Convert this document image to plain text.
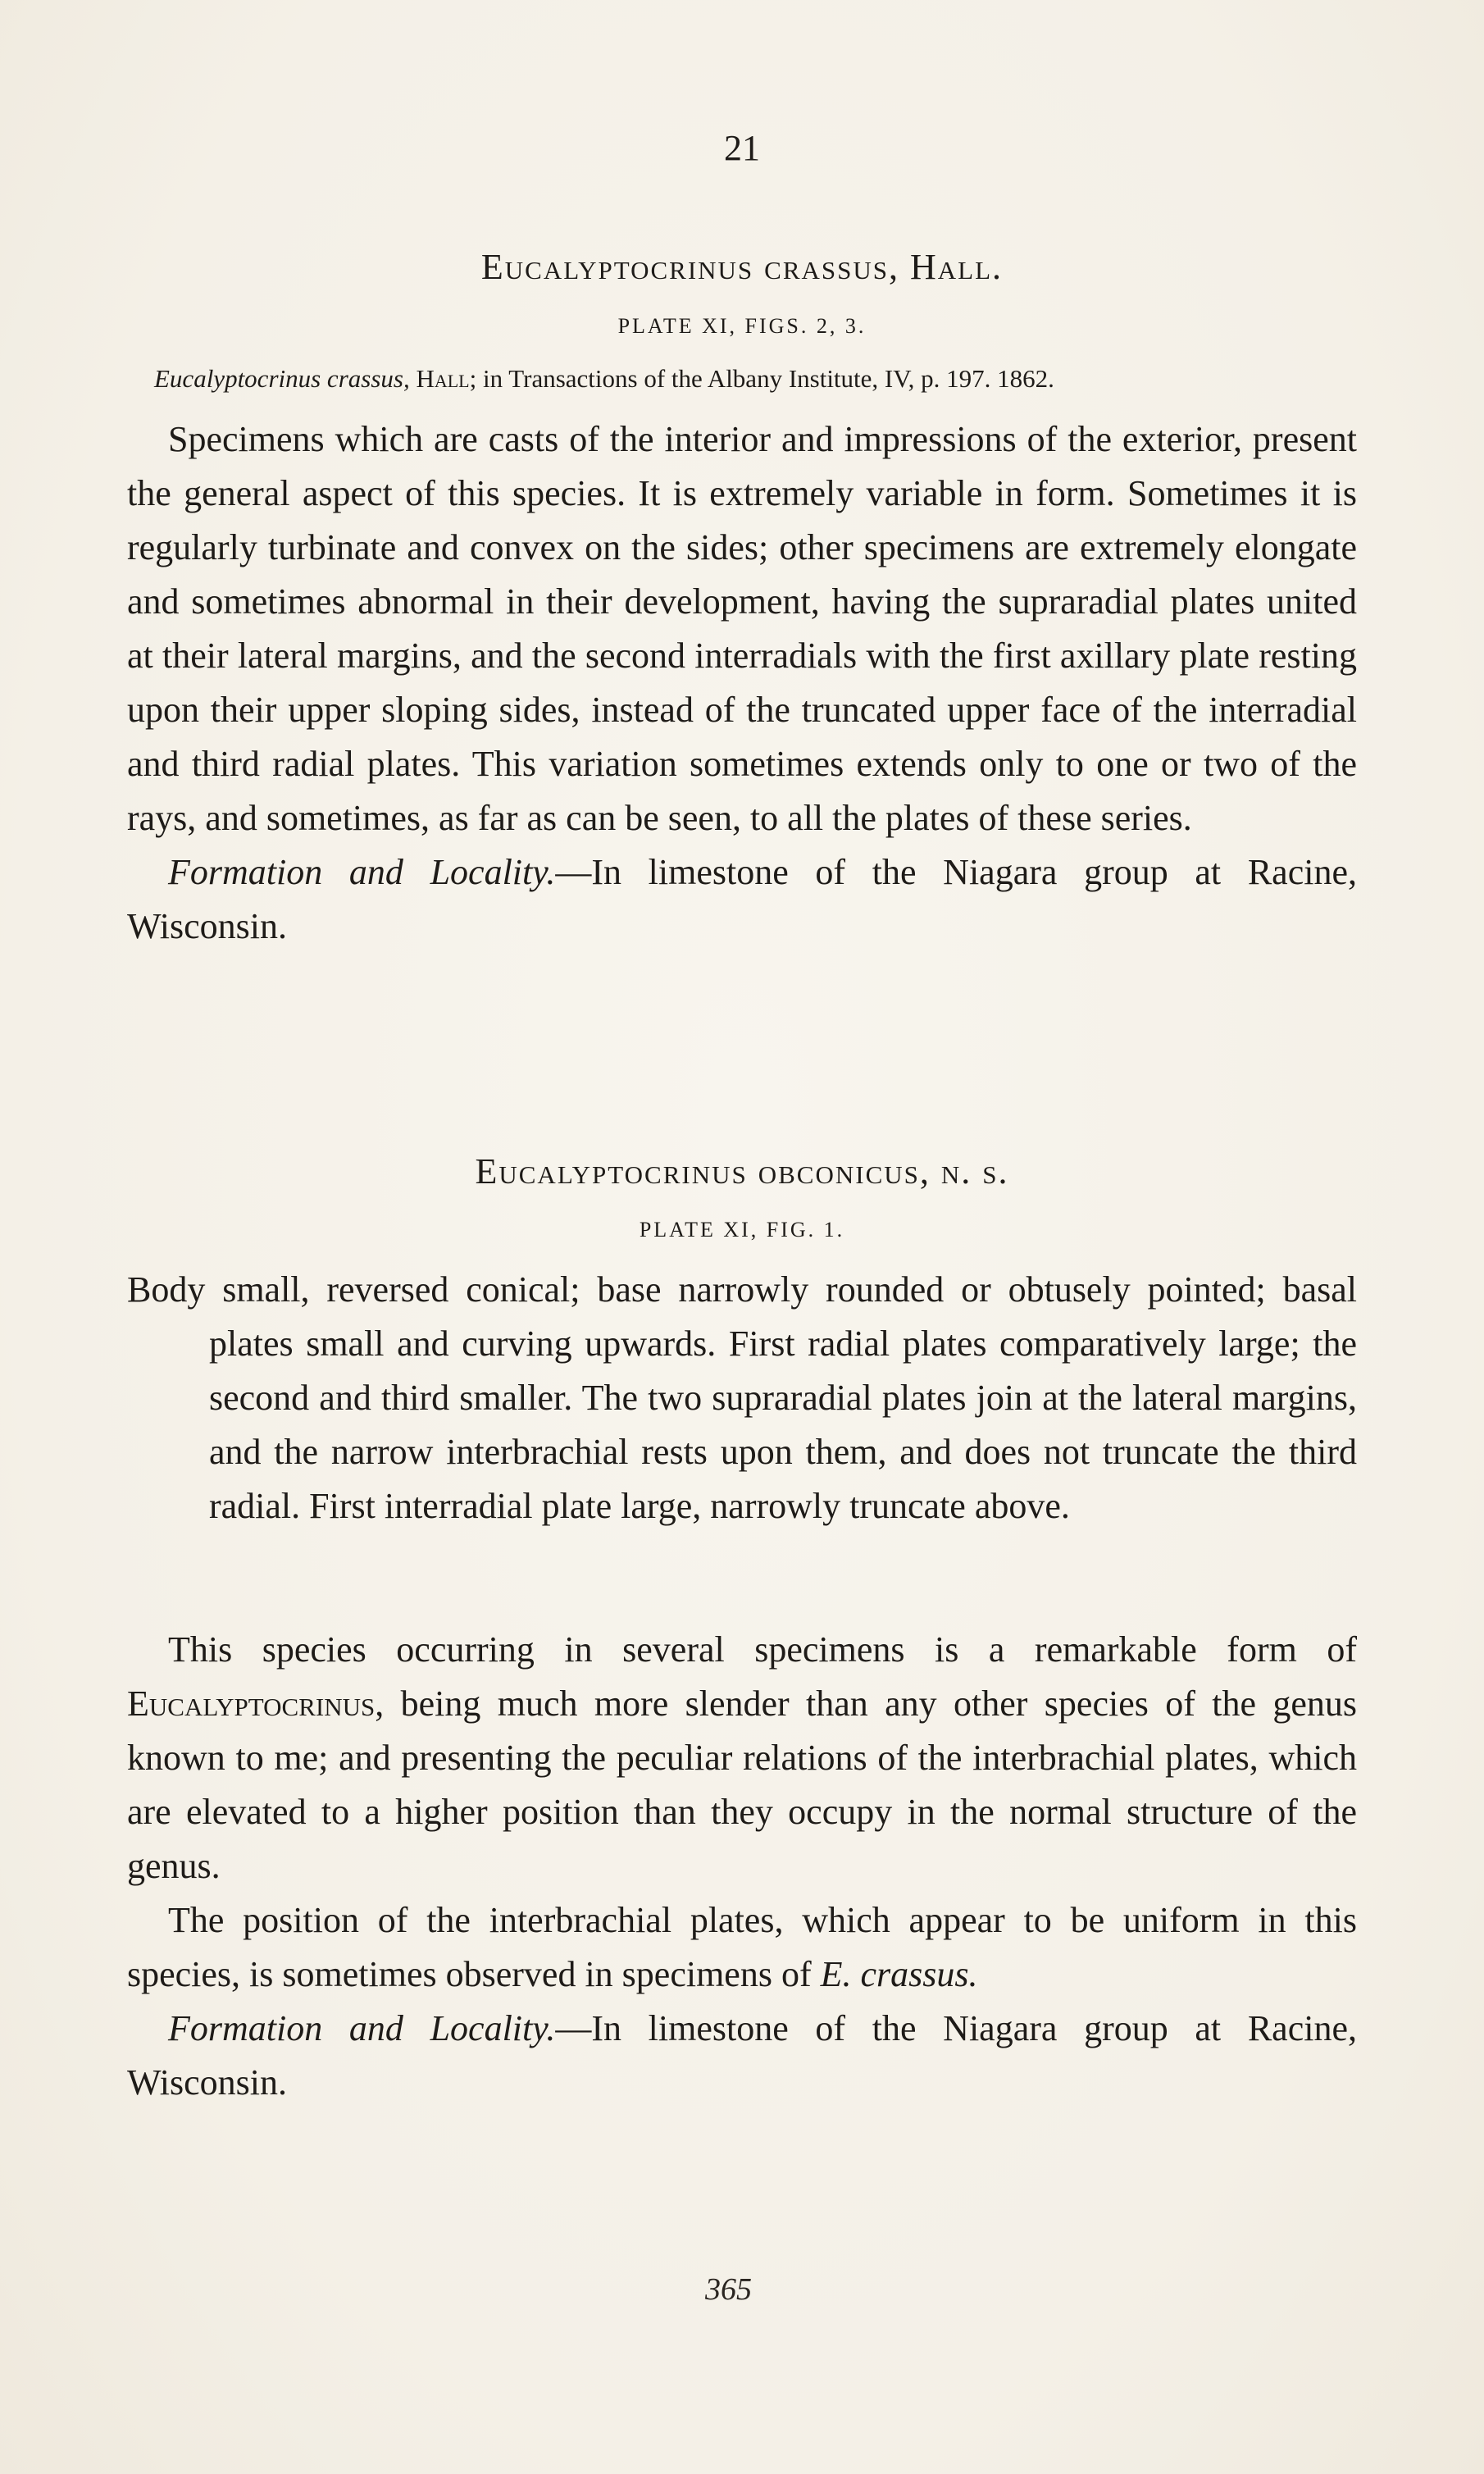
21
Eucalyptocrinus crassus, Hall.
PLATE XI, FIGS. 2, 3.
Eucalyptocrinus crassus, Hall; in Transactions of the Albany Institute, IV, p. 197. 1862.

Specimens which are casts of the interior and impressions of the exterior, present the general aspect of this species. It is extremely variable in form. Sometimes it is regularly turbinate and convex on the sides; other specimens are extremely elongate and sometimes abnormal in their development, having the supraradial plates united at their lateral margins, and the second interradials with the first axillary plate resting upon their upper sloping sides, instead of the truncated upper face of the interradial and third radial plates. This variation sometimes extends only to one or two of the rays, and sometimes, as far as can be seen, to all the plates of these series.

Formation and Locality.—In limestone of the Niagara group at Racine, Wisconsin.

Eucalyptocrinus obconicus, n. s.
PLATE XI, FIG. 1.

Body small, reversed conical; base narrowly rounded or obtusely pointed; basal plates small and curving upwards. First radial plates comparatively large; the second and third smaller. The two supraradial plates join at the lateral margins, and the narrow interbrachial rests upon them, and does not truncate the third radial. First interradial plate large, narrowly truncate above.

This species occurring in several specimens is a remarkable form of Eucalyptocrinus, being much more slender than any other species of the genus known to me; and presenting the peculiar relations of the interbrachial plates, which are elevated to a higher position than they occupy in the normal structure of the genus.

The position of the interbrachial plates, which appear to be uniform in this species, is sometimes observed in specimens of E. crassus.

Formation and Locality.—In limestone of the Niagara group at Racine, Wisconsin.

365
